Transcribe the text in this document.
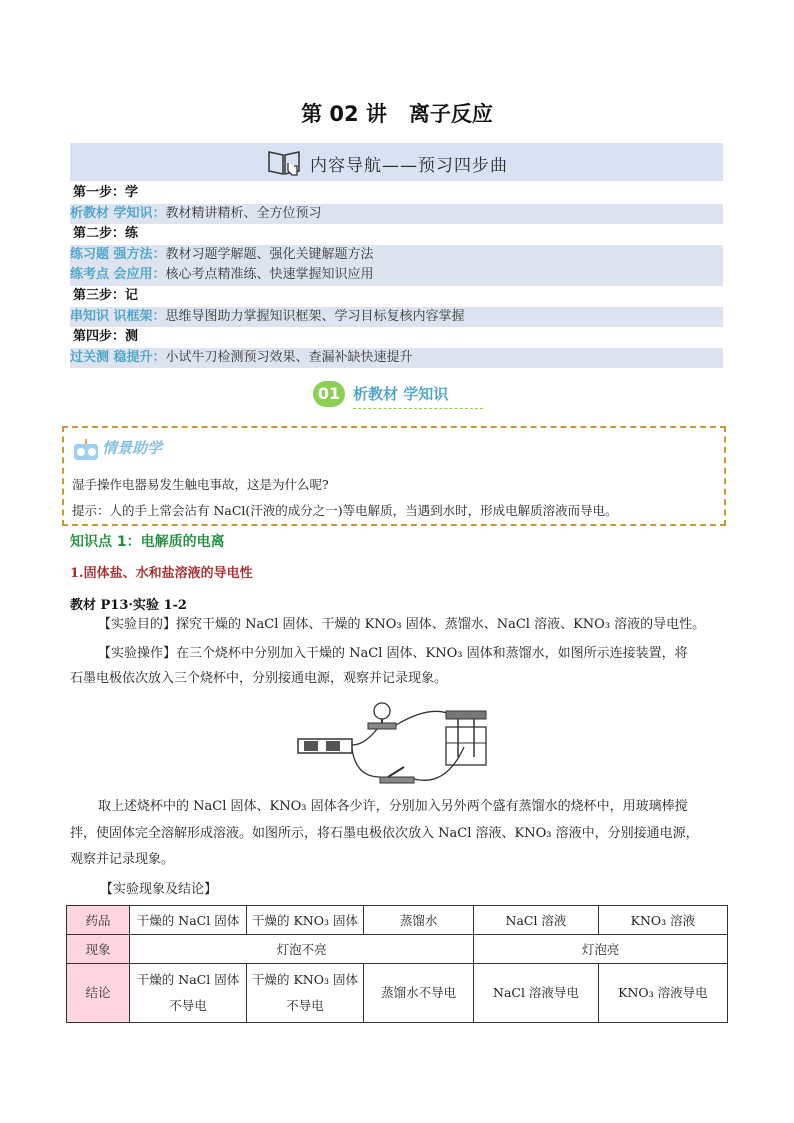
第 02 讲 离子反应
内容导航——预习四步曲
第一步：学
析教材 学知识：教材精讲精析、全方位预习
第二步：练
练习题 强方法：教材习题学解题、强化关键解题方法
练考点 会应用：核心考点精准练、快速掌握知识应用
第三步：记
串知识 识框架：思维导图助力掌握知识框架、学习目标复核内容掌握
第四步：测
过关测 稳提升：小试牛刀检测预习效果、查漏补缺快速提升
01 析教材 学知识
情景助学
湿手操作电器易发生触电事故，这是为什么呢?
提示：人的手上常会沾有 NaCl(汗液的成分之一)等电解质，当遇到水时，形成电解质溶液而导电。
知识点 1：电解质的电离
1.固体盐、水和盐溶液的导电性
教材 P13·实验 1-2
【实验目的】探究干燥的 NaCl 固体、干燥的 KNO₃ 固体、蒸馏水、NaCl 溶液、KNO₃ 溶液的导电性。
【实验操作】在三个烧杯中分别加入干燥的 NaCl 固体、KNO₃ 固体和蒸馏水，如图所示连接装置，将
石墨电极依次放入三个烧杯中，分别接通电源，观察并记录现象。
取上述烧杯中的 NaCl 固体、KNO₃ 固体各少许，分别加入另外两个盛有蒸馏水的烧杯中，用玻璃棒搅
拌，使固体完全溶解形成溶液。如图所示，将石墨电极依次放入 NaCl 溶液、KNO₃ 溶液中，分别接通电源，
观察并记录现象。
【实验现象及结论】
药品	干燥的 NaCl 固体	干燥的 KNO₃ 固体	蒸馏水	NaCl 溶液	KNO₃ 溶液
现象	灯泡不亮			灯泡亮	
结论	干燥的 NaCl 固体不导电	干燥的 KNO₃ 固体不导电	蒸馏水不导电	NaCl 溶液导电	KNO₃ 溶液导电
